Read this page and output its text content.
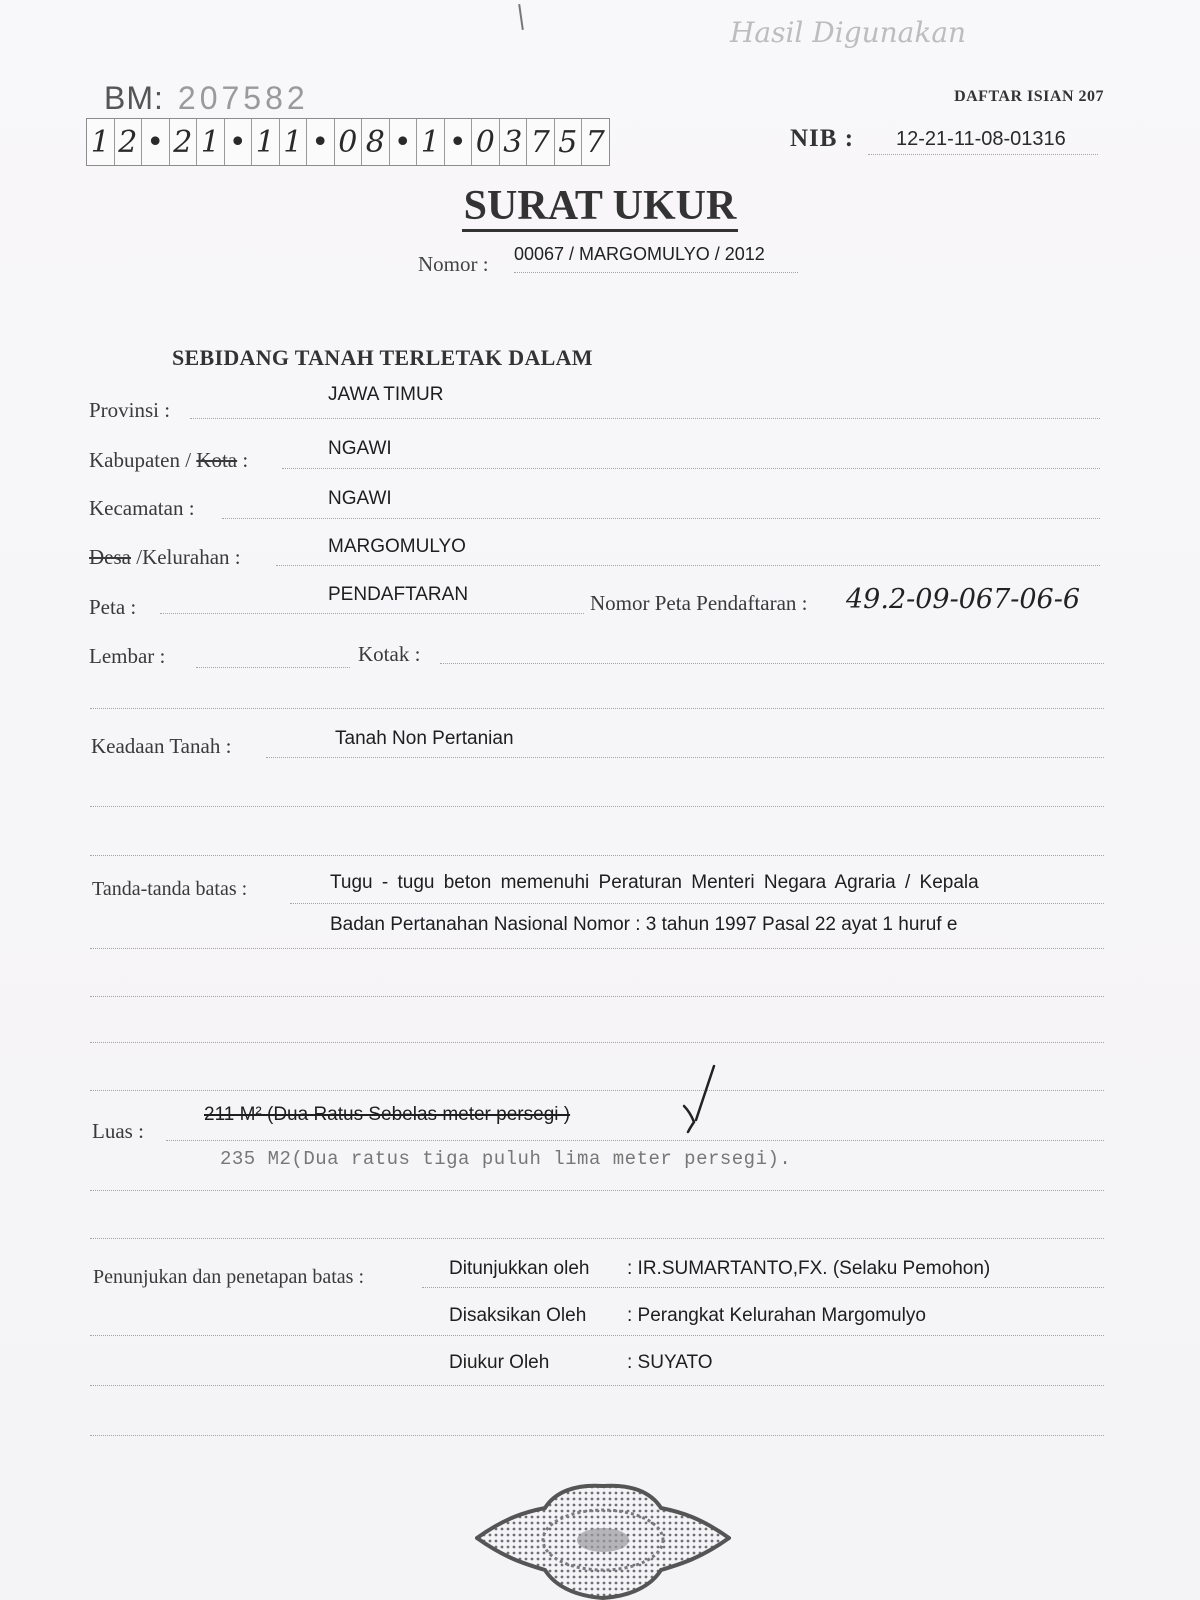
Hasil Digunakan
BM: 207582
1 2 • 2 1 • 1 1 • 0 8 • 1 • 0 3 7 5 7
DAFTAR ISIAN 207
NIB : 12-21-11-08-01316
SURAT UKUR
Nomor : 00067 / MARGOMULYO / 2012
SEBIDANG TANAH TERLETAK DALAM
Provinsi :
JAWA TIMUR
Kabupaten / Kota :	NGAWI
Kecamatan :	NGAWI
Desa /Kelurahan :	MARGOMULYO
Peta :
PENDAFTARAN	Nomor Peta Pendaftaran : 49.2-09-067-06-6
Lembar :	Kotak :
Keadaan Tanah :	Tanah Non Pertanian
Tanda-tanda batas :	Tugu - tugu beton memenuhi Peraturan Menteri Negara Agraria / Kepala
Badan Pertanahan Nasional Nomor : 3 tahun 1997 Pasal 22 ayat 1 huruf e
Luas :
211 M² (Dua Ratus Sebelas meter persegi )
235 M2(Dua ratus tiga puluh lima meter persegi).
Penunjukan dan penetapan batas :	Ditunjukkan oleh : IR.SUMARTANTO,FX. (Selaku Pemohon)
Disaksikan Oleh : Perangkat Kelurahan Margomulyo
Diukur Oleh	: SUYATO
